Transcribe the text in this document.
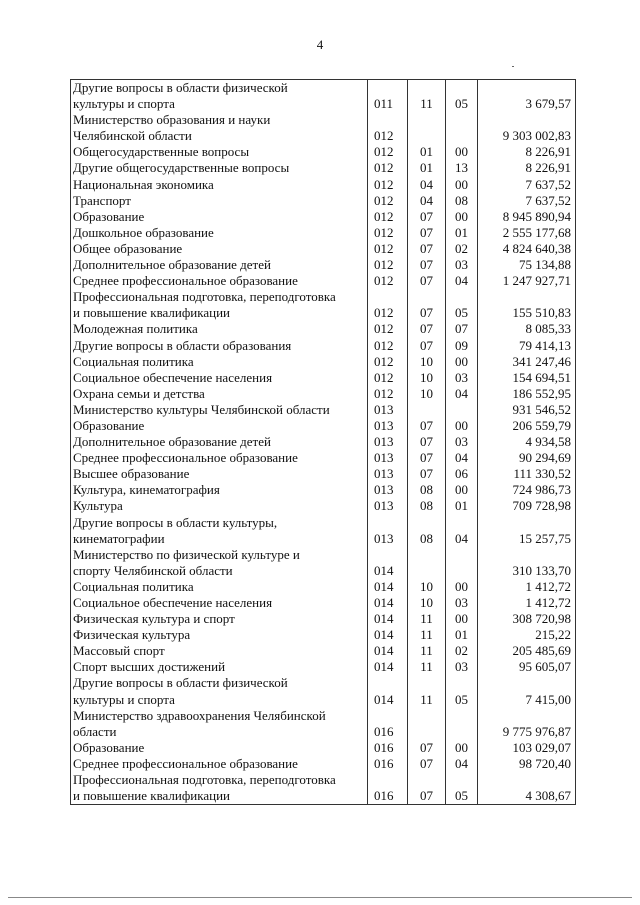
4
Другие вопросы в области физической
культуры и спорта	011	11	05	3 679,57

Министерство образования и науки
Челябинской области	012			9 303 002,83

Общегосударственные вопросы	012	01	00	8 226,91

Другие общегосударственные вопросы	012	01	13	8 226,91

Национальная экономика	012	04	00	7 637,52

Транспорт	012	04	08	7 637,52

Образование	012	07	00	8 945 890,94

Дошкольное образование	012	07	01	2 555 177,68

Общее образование	012	07	02	4 824 640,38

Дополнительное образование детей	012	07	03	75 134,88

Среднее профессиональное образование	012	07	04	1 247 927,71

Профессиональная подготовка, переподготовка
и повышение квалификации	012	07	05	155 510,83

Молодежная политика	012	07	07	8 085,33

Другие вопросы в области образования	012	07	09	79 414,13

Социальная политика	012	10	00	341 247,46

Социальное обеспечение населения	012	10	03	154 694,51

Охрана семьи и детства	012	10	04	186 552,95

Министерство культуры Челябинской области	013			931 546,52

Образование	013	07	00	206 559,79

Дополнительное образование детей	013	07	03	4 934,58

Среднее профессиональное образование	013	07	04	90 294,69

Высшее образование	013	07	06	111 330,52

Культура, кинематография	013	08	00	724 986,73

Культура	013	08	01	709 728,98

Другие вопросы в области культуры,
кинематографии	013	08	04	15 257,75

Министерство по физической культуре и
спорту Челябинской области	014			310 133,70

Социальная политика	014	10	00	1 412,72

Социальное обеспечение населения	014	10	03	1 412,72

Физическая культура и спорт	014	11	00	308 720,98

Физическая культура	014	11	01	215,22

Массовый спорт	014	11	02	205 485,69

Спорт высших достижений	014	11	03	95 605,07

Другие вопросы в области физической
культуры и спорта	014	11	05	7 415,00

Министерство здравоохранения Челябинской
области	016			9 775 976,87

Образование	016	07	00	103 029,07

Среднее профессиональное образование	016	07	04	98 720,40

Профессиональная подготовка, переподготовка
и повышение квалификации	016	07	05	4 308,67
